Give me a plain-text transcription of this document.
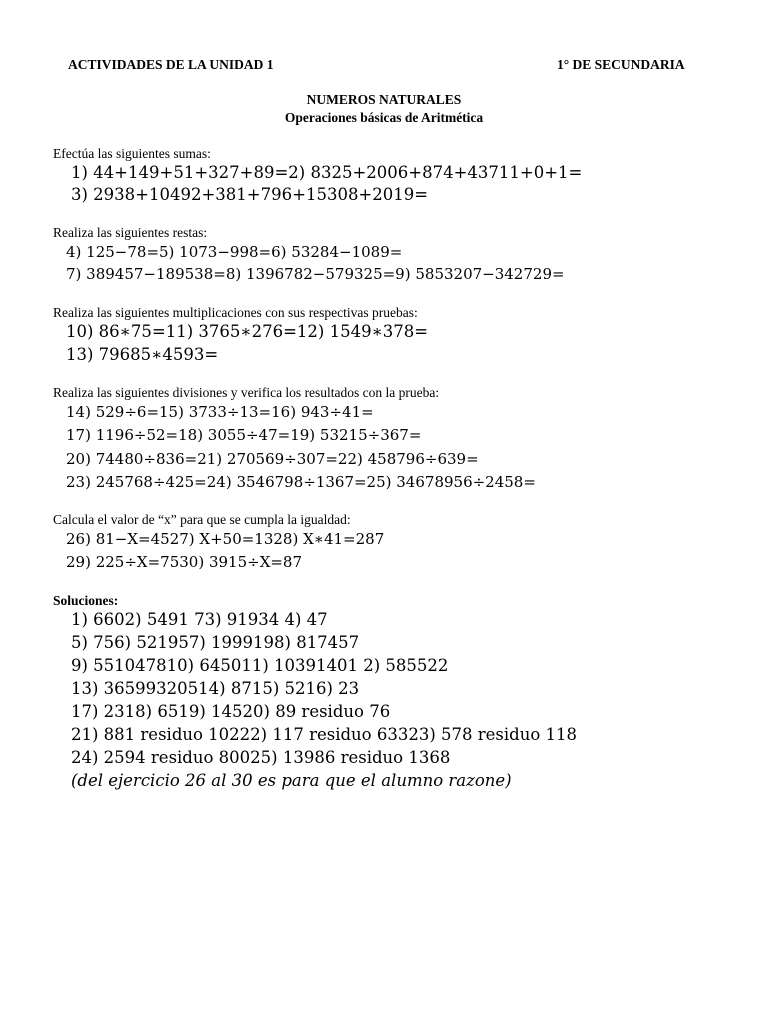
ACTIVIDADES DE LA UNIDAD 1	1° DE SECUNDARIA
NUMEROS NATURALES
Operaciones básicas de Aritmética
Efectúa las siguientes sumas:
1) 44+149+51+327+89=2) 8325+2006+874+43711+0+1=
3) 2938+10492+381+796+15308+2019=
Realiza las siguientes restas:
4) 125−78=5) 1073−998=6) 53284−1089=
7) 389457−189538=8) 1396782−579325=9) 5853207−342729=
Realiza las siguientes multiplicaciones con sus respectivas pruebas:
10) 86∗75=11) 3765∗276=12) 1549∗378=
13) 79685∗4593=
Realiza las siguientes divisiones y verifica los resultados con la prueba:
14) 529÷6=15) 3733÷13=16) 943÷41=
17) 1196÷52=18) 3055÷47=19) 53215÷367=
20) 74480÷836=21) 270569÷307=22) 458796÷639=
23) 245768÷425=24) 3546798÷1367=25) 34678956÷2458=
Calcula el valor de “x” para que se cumpla la igualdad:
26) 81−X=4527) X+50=1328) X∗41=287
29) 225÷X=7530) 3915÷X=87
Soluciones:
1) 6602) 5491 73) 91934 4) 47
5) 756) 521957) 1999198) 817457
9) 551047810) 645011) 10391401 2) 585522
13) 36599320514) 8715) 5216) 23
17) 2318) 6519) 14520) 89 residuo 76
21) 881 residuo 10222) 117 residuo 63323) 578 residuo 118
24) 2594 residuo 80025) 13986 residuo 1368
(del ejercicio 26 al 30 es para que el alumno razone)
